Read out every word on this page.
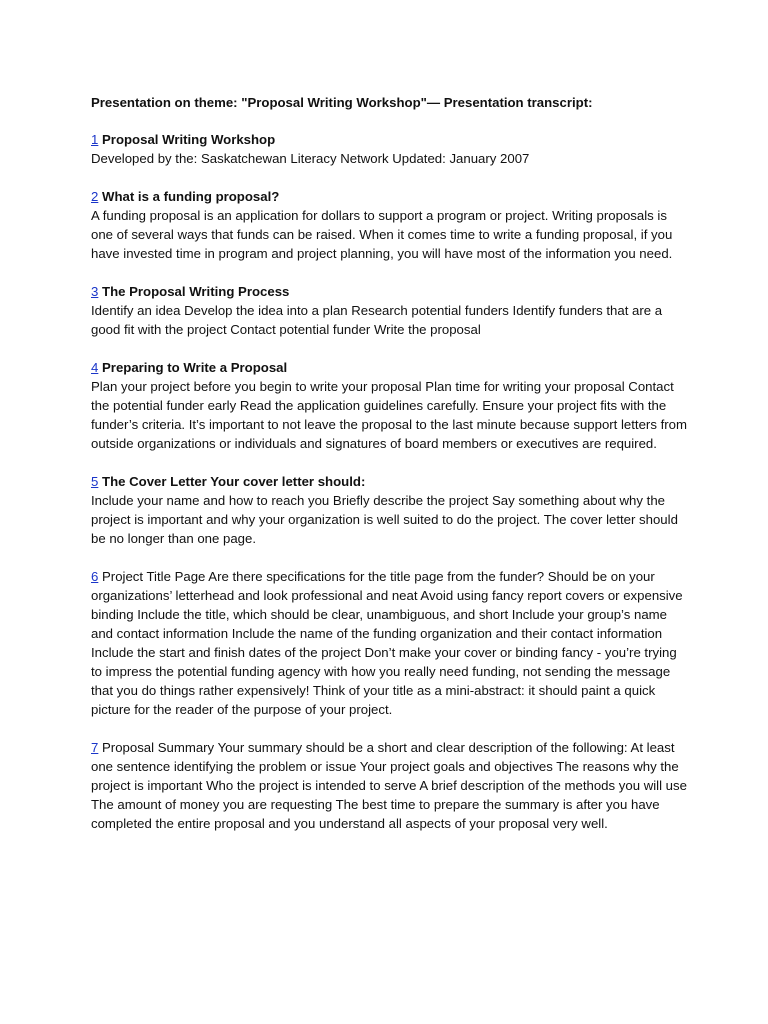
Presentation on theme: "Proposal Writing Workshop"— Presentation transcript:

1 Proposal Writing Workshop

Developed by the: Saskatchewan Literacy Network Updated: January 2007

2 What is a funding proposal?

A funding proposal is an application for dollars to support a program or project. Writing proposals is one of several ways that funds can be raised. When it comes time to write a funding proposal, if you have invested time in program and project planning, you will have most of the information you need.

3 The Proposal Writing Process

Identify an idea Develop the idea into a plan Research potential funders Identify funders that are a good fit with the project Contact potential funder Write the proposal

4 Preparing to Write a Proposal

Plan your project before you begin to write your proposal Plan time for writing your proposal Contact the potential funder early Read the application guidelines carefully. Ensure your project fits with the funder’s criteria. It’s important to not leave the proposal to the last minute because support letters from outside organizations or individuals and signatures of board members or executives are required.

5 The Cover Letter Your cover letter should:

Include your name and how to reach you Briefly describe the project Say something about why the project is important and why your organization is well suited to do the project. The cover letter should be no longer than one page.

6 Project Title Page Are there specifications for the title page from the funder? Should be on your organizations’ letterhead and look professional and neat Avoid using fancy report covers or expensive binding Include the title, which should be clear, unambiguous, and short Include your group’s name and contact information Include the name of the funding organization and their contact information Include the start and finish dates of the project Don’t make your cover or binding fancy - you’re trying to impress the potential funding agency with how you really need funding, not sending the message that you do things rather expensively! Think of your title as a mini-abstract: it should paint a quick picture for the reader of the purpose of your project.

7 Proposal Summary Your summary should be a short and clear description of the following: At least one sentence identifying the problem or issue Your project goals and objectives The reasons why the project is important Who the project is intended to serve A brief description of the methods you will use The amount of money you are requesting The best time to prepare the summary is after you have completed the entire proposal and you understand all aspects of your proposal very well.
